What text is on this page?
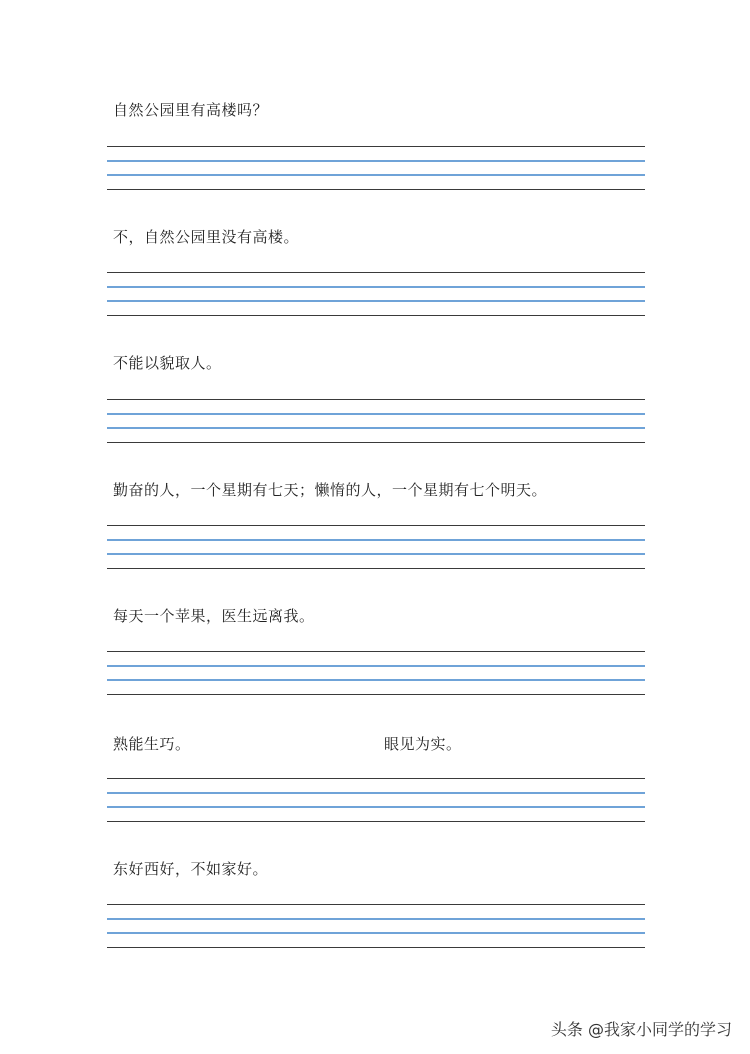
自然公园里有高楼吗？
不，自然公园里没有高楼。
不能以貌取人。
勤奋的人，一个星期有七天；懒惰的人，一个星期有七个明天。
每天一个苹果，医生远离我。
熟能生巧。	眼见为实。
东好西好，不如家好。
头条 @我家小同学的学习
